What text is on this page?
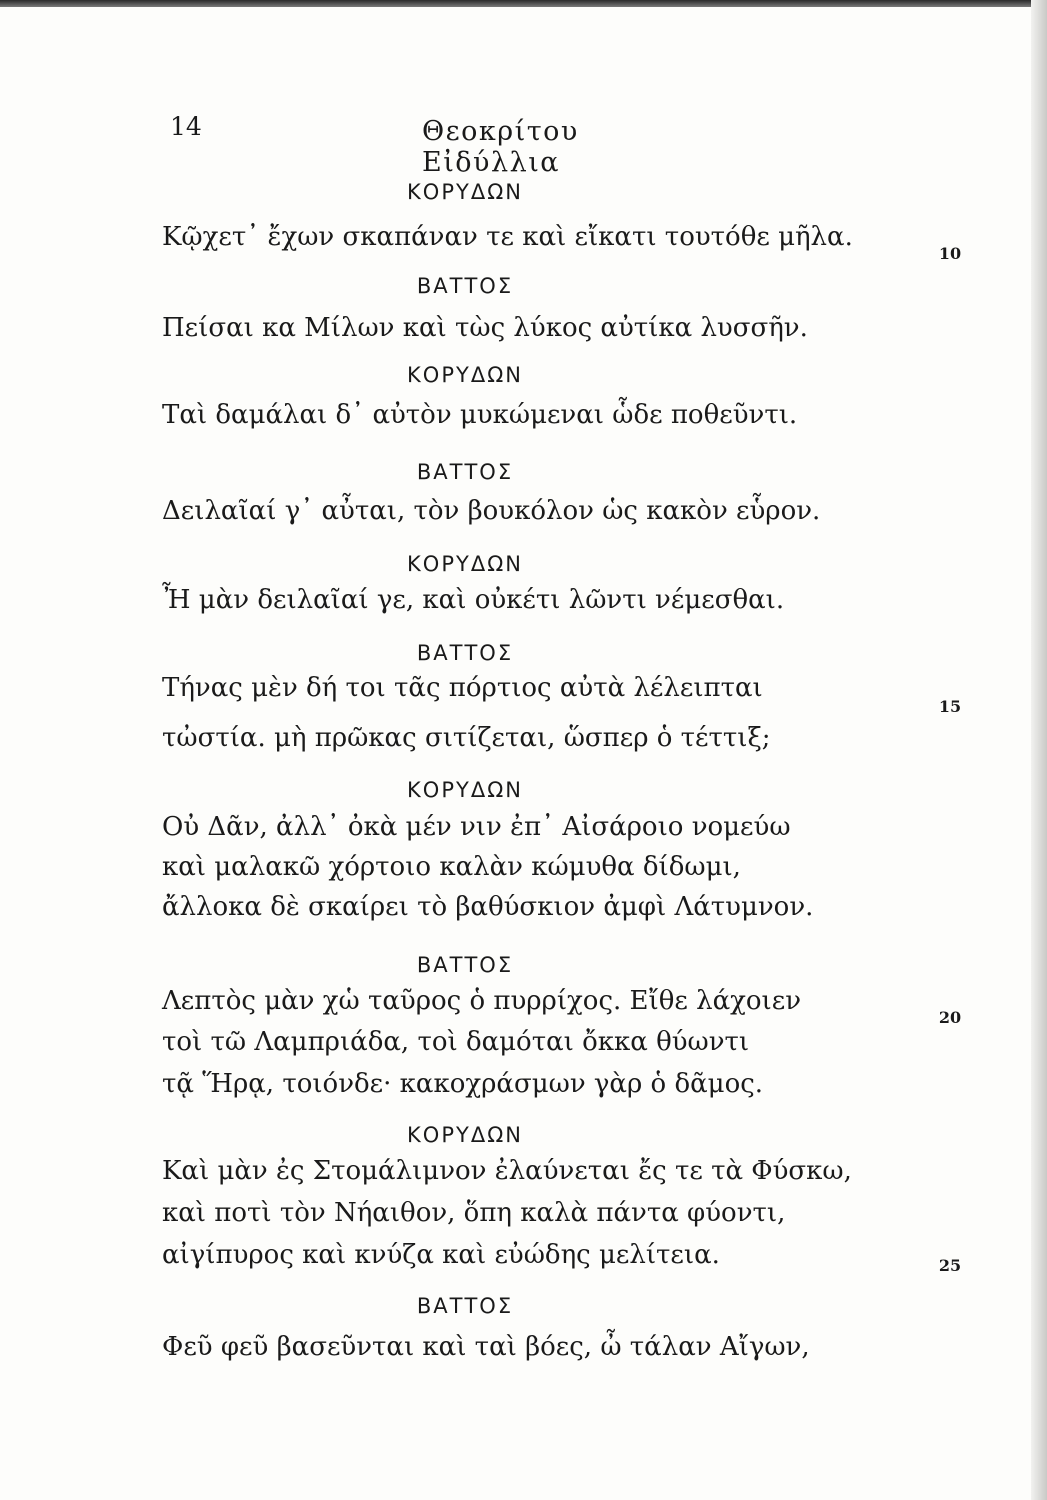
14	Θεοκρίτου Εἰδύλλια
ΚΟΡΥΔΩΝ
Κῷχετ᾽ ἔχων σκαπάναν τε καὶ εἴκατι τουτόθε μῆλα.
ΒΑΤΤΟΣ
Πείσαι κα Μίλων καὶ τὼς λύκος αὐτίκα λυσσῆν.
ΚΟΡΥΔΩΝ
Ταὶ δαμάλαι δ᾽ αὐτὸν μυκώμεναι ὧδε ποθεῦντι.
ΒΑΤΤΟΣ
Δειλαῖαί γ᾽ αὖται, τὸν βουκόλον ὡς κακὸν εὗρον.
ΚΟΡΥΔΩΝ
Ἦ μὰν δειλαῖαί γε, καὶ οὐκέτι λῶντι νέμεσθαι.
ΒΑΤΤΟΣ
Τήνας μὲν δή τοι τᾶς πόρτιος αὐτὰ λέλειπται
τὠστία. μὴ πρῶκας σιτίζεται, ὥσπερ ὁ τέττιξ;
ΚΟΡΥΔΩΝ
Οὐ Δᾶν, ἀλλ᾽ ὀκὰ μέν νιν ἐπ᾽ Αἰσάροιο νομεύω
καὶ μαλακῶ χόρτοιο καλὰν κώμυθα δίδωμι,
ἄλλοκα δὲ σκαίρει τὸ βαθύσκιον ἀμφὶ Λάτυμνον.
ΒΑΤΤΟΣ
Λεπτὸς μὰν χὡ ταῦρος ὁ πυρρίχος. Εἴθε λάχοιεν
τοὶ τῶ Λαμπριάδα, τοὶ δαμόται ὄκκα θύωντι
τᾷ Ἥρᾳ, τοιόνδε· κακοχράσμων γὰρ ὁ δᾶμος.
ΚΟΡΥΔΩΝ
Καὶ μὰν ἐς Στομάλιμνον ἐλαύνεται ἔς τε τὰ Φύσκω,
καὶ ποτὶ τὸν Νήαιθον, ὅπη καλὰ πάντα φύοντι,
αἰγίπυρος καὶ κνύζα καὶ εὐώδης μελίτεια.
ΒΑΤΤΟΣ
Φεῦ φεῦ βασεῦνται καὶ ταὶ βόες, ὦ τάλαν Αἴγων,
10
15
20
25
